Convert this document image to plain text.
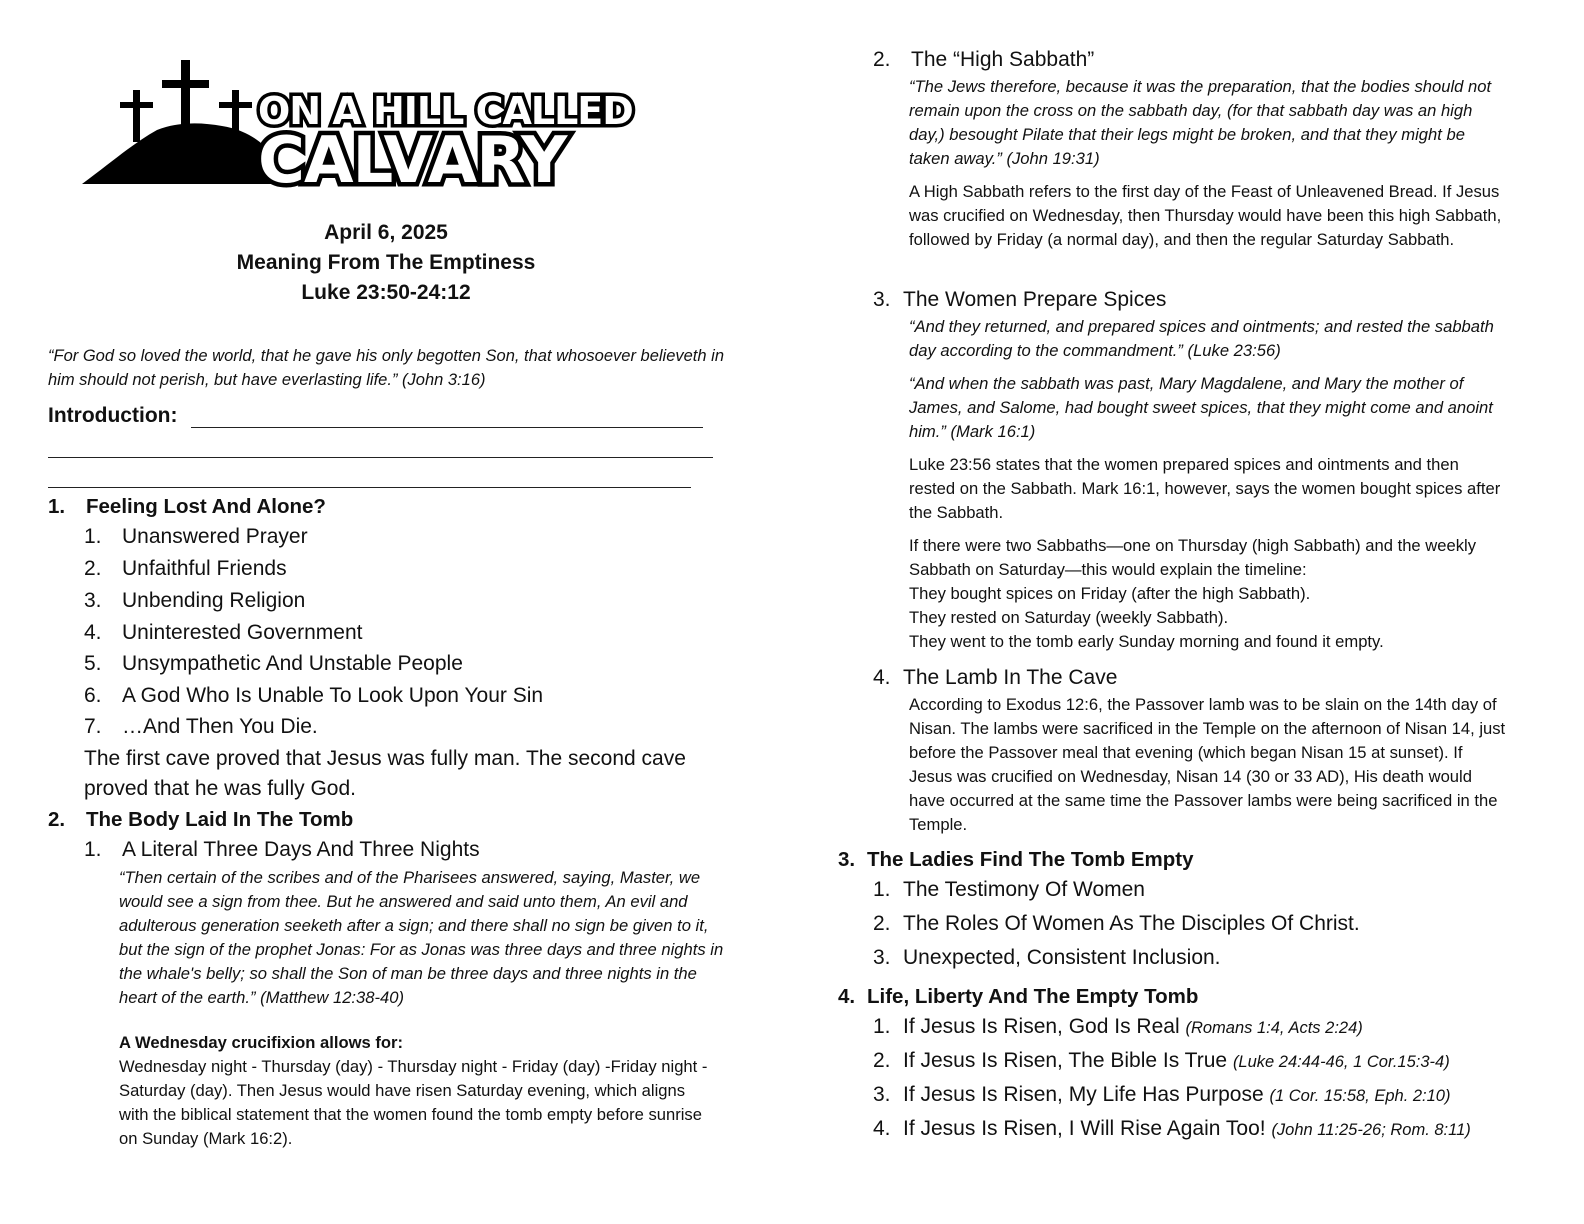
ON A HILL CALLED
CALVARY
April 6, 2025
Meaning From The Emptiness
Luke 23:50-24:12
“For God so loved the world, that he gave his only begotten Son, that whosoever believeth in him should not perish, but have everlasting life.” (John 3:16)
Introduction:
1. Feeling Lost And Alone?
1. Unanswered Prayer
2. Unfaithful Friends
3. Unbending Religion
4. Uninterested Government
5. Unsympathetic And Unstable People
6. A God Who Is Unable To Look Upon Your Sin
7. …And Then You Die.
The first cave proved that Jesus was fully man. The second cave proved that he was fully God.
2. The Body Laid In The Tomb
1. A Literal Three Days And Three Nights
“Then certain of the scribes and of the Pharisees answered, saying, Master, we would see a sign from thee. But he answered and said unto them, An evil and adulterous generation seeketh after a sign; and there shall no sign be given to it, but the sign of the prophet Jonas: For as Jonas was three days and three nights in the whale's belly; so shall the Son of man be three days and three nights in the heart of the earth.” (Matthew 12:38-40)
A Wednesday crucifixion allows for:
Wednesday night - Thursday (day) - Thursday night - Friday (day) -Friday night - Saturday (day). Then Jesus would have risen Saturday evening, which aligns with the biblical statement that the women found the tomb empty before sunrise on Sunday (Mark 16:2).
2. The “High Sabbath”
“The Jews therefore, because it was the preparation, that the bodies should not remain upon the cross on the sabbath day, (for that sabbath day was an high day,) besought Pilate that their legs might be broken, and that they might be taken away.” (John 19:31)
A High Sabbath refers to the first day of the Feast of Unleavened Bread. If Jesus was crucified on Wednesday, then Thursday would have been this high Sabbath, followed by Friday (a normal day), and then the regular Saturday Sabbath.
3. The Women Prepare Spices
“And they returned, and prepared spices and ointments; and rested the sabbath day according to the commandment.” (Luke 23:56)
“And when the sabbath was past, Mary Magdalene, and Mary the mother of James, and Salome, had bought sweet spices, that they might come and anoint him.” (Mark 16:1)
Luke 23:56 states that the women prepared spices and ointments and then rested on the Sabbath. Mark 16:1, however, says the women bought spices after the Sabbath.
If there were two Sabbaths—one on Thursday (high Sabbath) and the weekly Sabbath on Saturday—this would explain the timeline:
They bought spices on Friday (after the high Sabbath).
They rested on Saturday (weekly Sabbath).
They went to the tomb early Sunday morning and found it empty.
4. The Lamb In The Cave
According to Exodus 12:6, the Passover lamb was to be slain on the 14th day of Nisan. The lambs were sacrificed in the Temple on the afternoon of Nisan 14, just before the Passover meal that evening (which began Nisan 15 at sunset). If Jesus was crucified on Wednesday, Nisan 14 (30 or 33 AD), His death would have occurred at the same time the Passover lambs were being sacrificed in the Temple.
3. The Ladies Find The Tomb Empty
1. The Testimony Of Women
2. The Roles Of Women As The Disciples Of Christ.
3. Unexpected, Consistent Inclusion.
4. Life, Liberty And The Empty Tomb
1. If Jesus Is Risen, God Is Real (Romans 1:4, Acts 2:24)
2. If Jesus Is Risen, The Bible Is True (Luke 24:44-46, 1 Cor.15:3-4)
3. If Jesus Is Risen, My Life Has Purpose (1 Cor. 15:58, Eph. 2:10)
4. If Jesus Is Risen, I Will Rise Again Too! (John 11:25-26; Rom. 8:11)
